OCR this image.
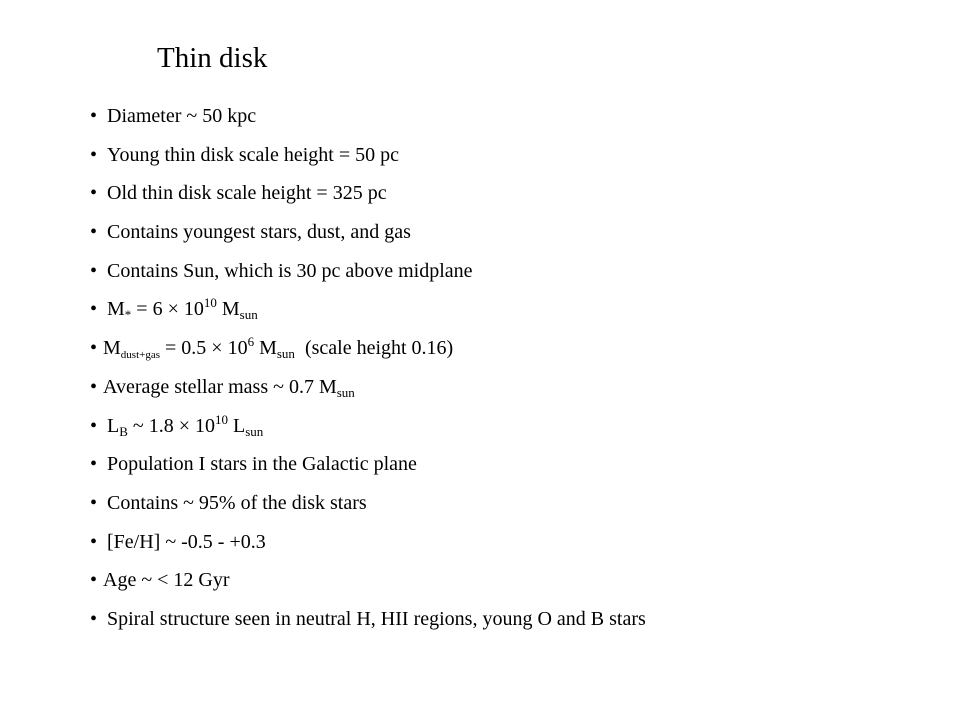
Thin disk
• Diameter ~ 50 kpc
• Young thin disk scale height = 50 pc
• Old thin disk scale height = 325 pc
• Contains youngest stars, dust, and gas
• Contains Sun, which is 30 pc above midplane
• $M_* = 6 \times 10^{10}$ $M_{sun}$
• $M_{dust+gas} = 0.5 \times 10^6$ $M_{sun}$  (scale height 0.16)
• Average stellar mass ~ 0.7 $M_{sun}$
• $L_B$ ~ $1.8 \times 10^{10}$ $L_{sun}$
• Population I stars in the Galactic plane
• Contains ~ 95% of the disk stars
• [Fe/H] ~ -0.5 - +0.3
• Age ~ < 12 Gyr
• Spiral structure seen in neutral H, HII regions, young O and B stars
